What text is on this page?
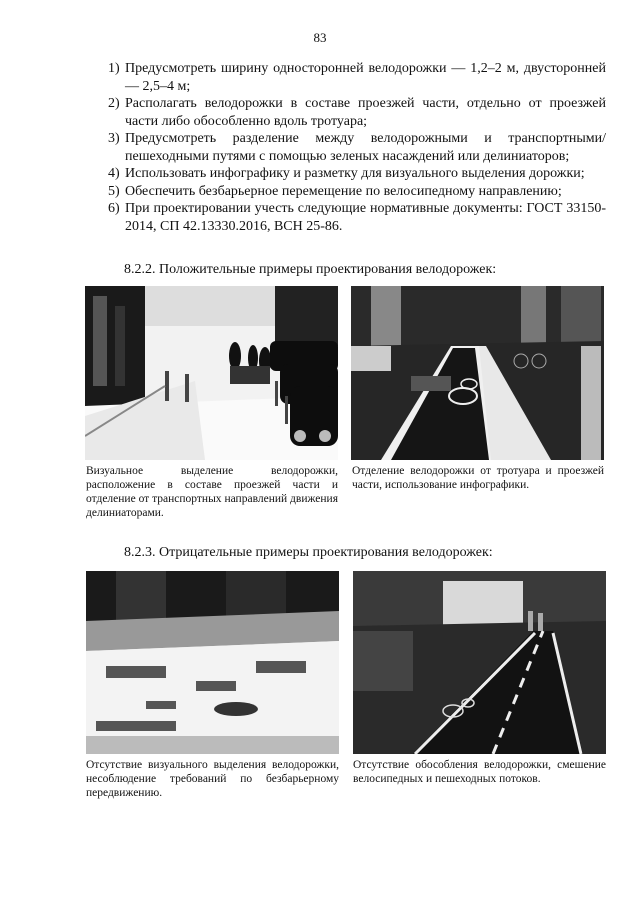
83
1) Предусмотреть ширину односторонней велодорожки — 1,2–2 м, двусторонней — 2,5–4 м;
2) Располагать велодорожки в составе проезжей части, отдельно от проезжей части либо обособленно вдоль тротуара;
3) Предусмотреть разделение между велодорожными и транспортными/пешеходными путями с помощью зеленых насаждений или делиниаторов;
4) Использовать инфографику и разметку для визуального выделения дорожки;
5) Обеспечить безбарьерное перемещение по велосипедному направлению;
6) При проектировании учесть следующие нормативные документы: ГОСТ 33150-2014, СП 42.13330.2016, ВСН 25-86.
8.2.2. Положительные примеры проектирования велодорожек:
Визуальное выделение велодорожки, расположение в составе проезжей части и отделение от транспортных направлений движения делиниаторами.
Отделение велодорожки от тротуара и проезжей части, использование инфографики.
8.2.3. Отрицательные примеры проектирования велодорожек:
Отсутствие визуального выделения велодорожки, несоблюдение требований по безбарьерному передвижению.
Отсутствие обособления велодорожки, смешение велосипедных и пешеходных потоков.
